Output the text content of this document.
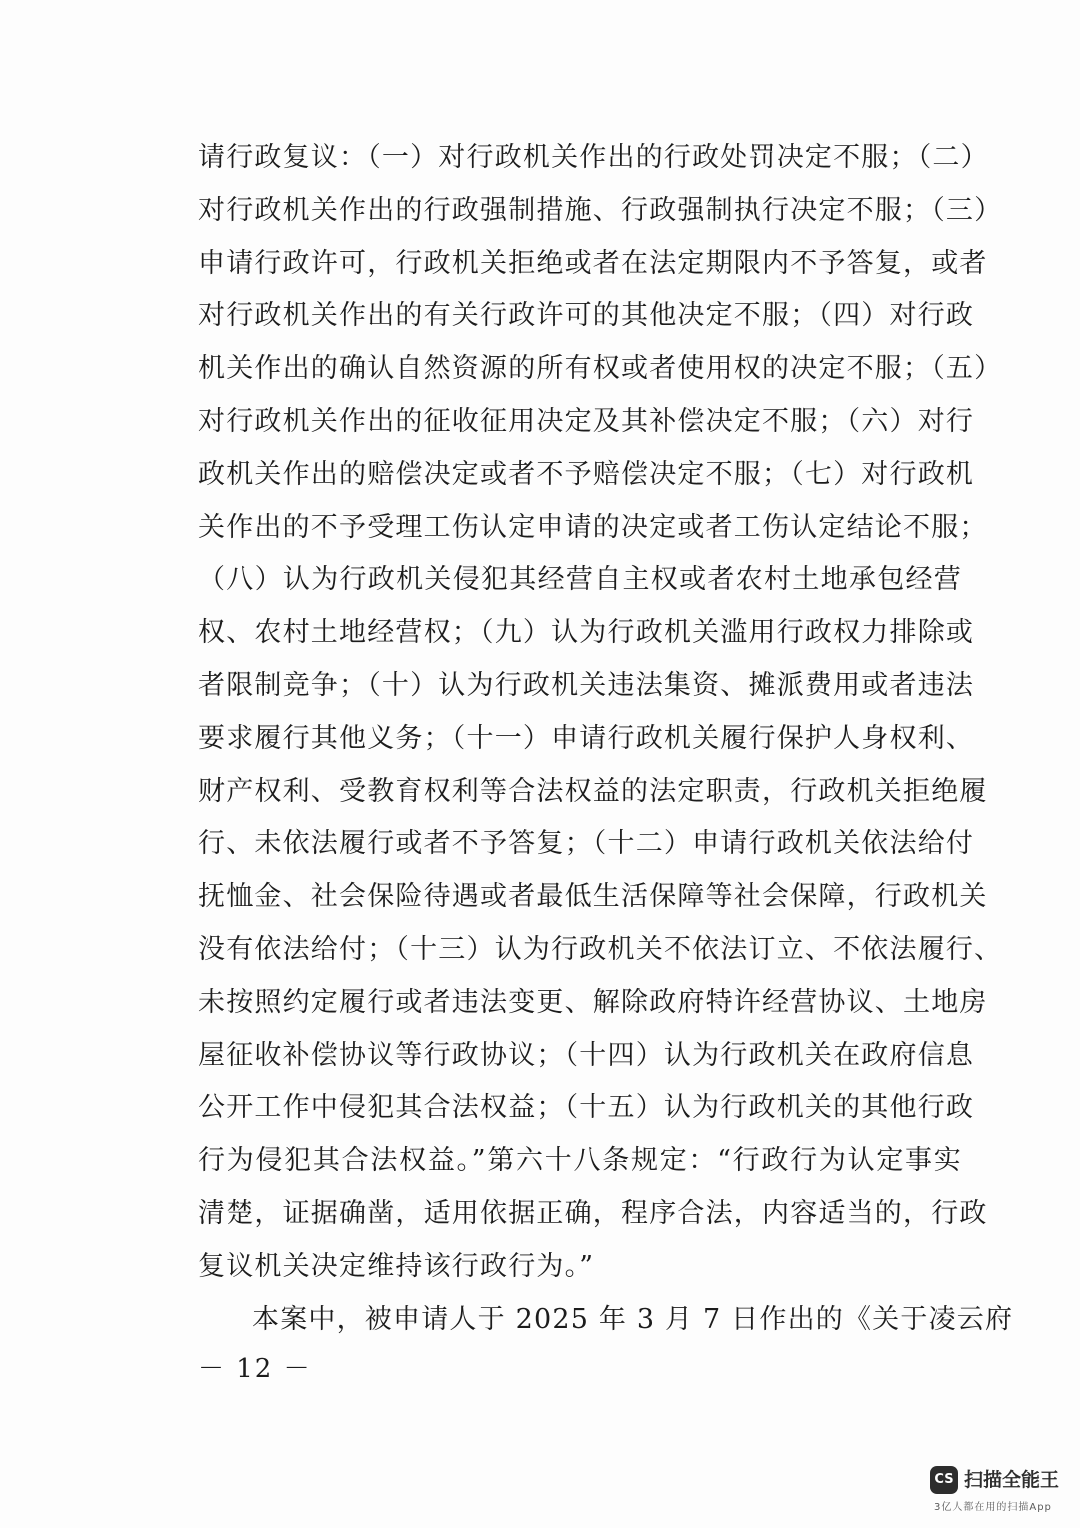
请行政复议：（一）对行政机关作出的行政处罚决定不服；（二）
对行政机关作出的行政强制措施、行政强制执行决定不服；（三）
申请行政许可，行政机关拒绝或者在法定期限内不予答复，或者
对行政机关作出的有关行政许可的其他决定不服；（四）对行政
机关作出的确认自然资源的所有权或者使用权的决定不服；（五）
对行政机关作出的征收征用决定及其补偿决定不服；（六）对行
政机关作出的赔偿决定或者不予赔偿决定不服；（七）对行政机
关作出的不予受理工伤认定申请的决定或者工伤认定结论不服；
（八）认为行政机关侵犯其经营自主权或者农村土地承包经营
权、农村土地经营权；（九）认为行政机关滥用行政权力排除或
者限制竞争；（十）认为行政机关违法集资、摊派费用或者违法
要求履行其他义务；（十一）申请行政机关履行保护人身权利、
财产权利、受教育权利等合法权益的法定职责，行政机关拒绝履
行、未依法履行或者不予答复；（十二）申请行政机关依法给付
抚恤金、社会保险待遇或者最低生活保障等社会保障，行政机关
没有依法给付；（十三）认为行政机关不依法订立、不依法履行、
未按照约定履行或者违法变更、解除政府特许经营协议、土地房
屋征收补偿协议等行政协议；（十四）认为行政机关在政府信息
公开工作中侵犯其合法权益；（十五）认为行政机关的其他行政
行为侵犯其合法权益。”第六十八条规定：“行政行为认定事实
清楚，证据确凿，适用依据正确，程序合法，内容适当的，行政
复议机关决定维持该行政行为。”
本案中，被申请人于 2025 年 3 月 7 日作出的《关于凌云府
－ 12 －
CS 扫描全能王
3亿人都在用的扫描App
